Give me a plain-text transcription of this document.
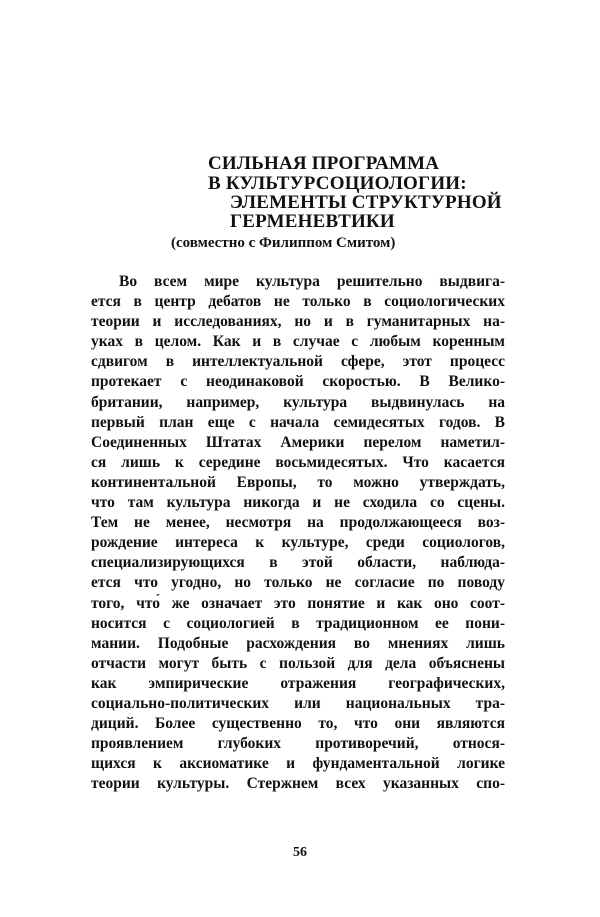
СИЛЬНАЯ ПРОГРАММА
В КУЛЬТУРСОЦИОЛОГИИ:
ЭЛЕМЕНТЫ СТРУКТУРНОЙ
ГЕРМЕНЕВТИКИ
(совместно с Филиппом Смитом)
Во всем мире культура решительно выдвига-
ется в центр дебатов не только в социологических
теории и исследованиях, но и в гуманитарных на-
уках в целом. Как и в случае с любым коренным
сдвигом в интеллектуальной сфере, этот процесс
протекает с неодинаковой скоростью. В Велико-
британии, например, культура выдвинулась на
первый план еще с начала семидесятых годов. В
Соединенных Штатах Америки перелом наметил-
ся лишь к середине восьмидесятых. Что касается
континентальной Европы, то можно утверждать,
что там культура никогда и не сходила со сцены.
Тем не менее, несмотря на продолжающееся воз-
рождение интереса к культуре, среди социологов,
специализирующихся в этой области, наблюда-
ется что угодно, но только не согласие по поводу
того, что́ же означает это понятие и как оно соот-
носится с социологией в традиционном ее пони-
мании. Подобные расхождения во мнениях лишь
отчасти могут быть с пользой для дела объяснены
как эмпирические отражения географических,
социально-политических или национальных тра-
диций. Более существенно то, что они являются
проявлением глубоких противоречий, относя-
щихся к аксиоматике и фундаментальной логике
теории культуры. Стержнем всех указанных спо-
56
